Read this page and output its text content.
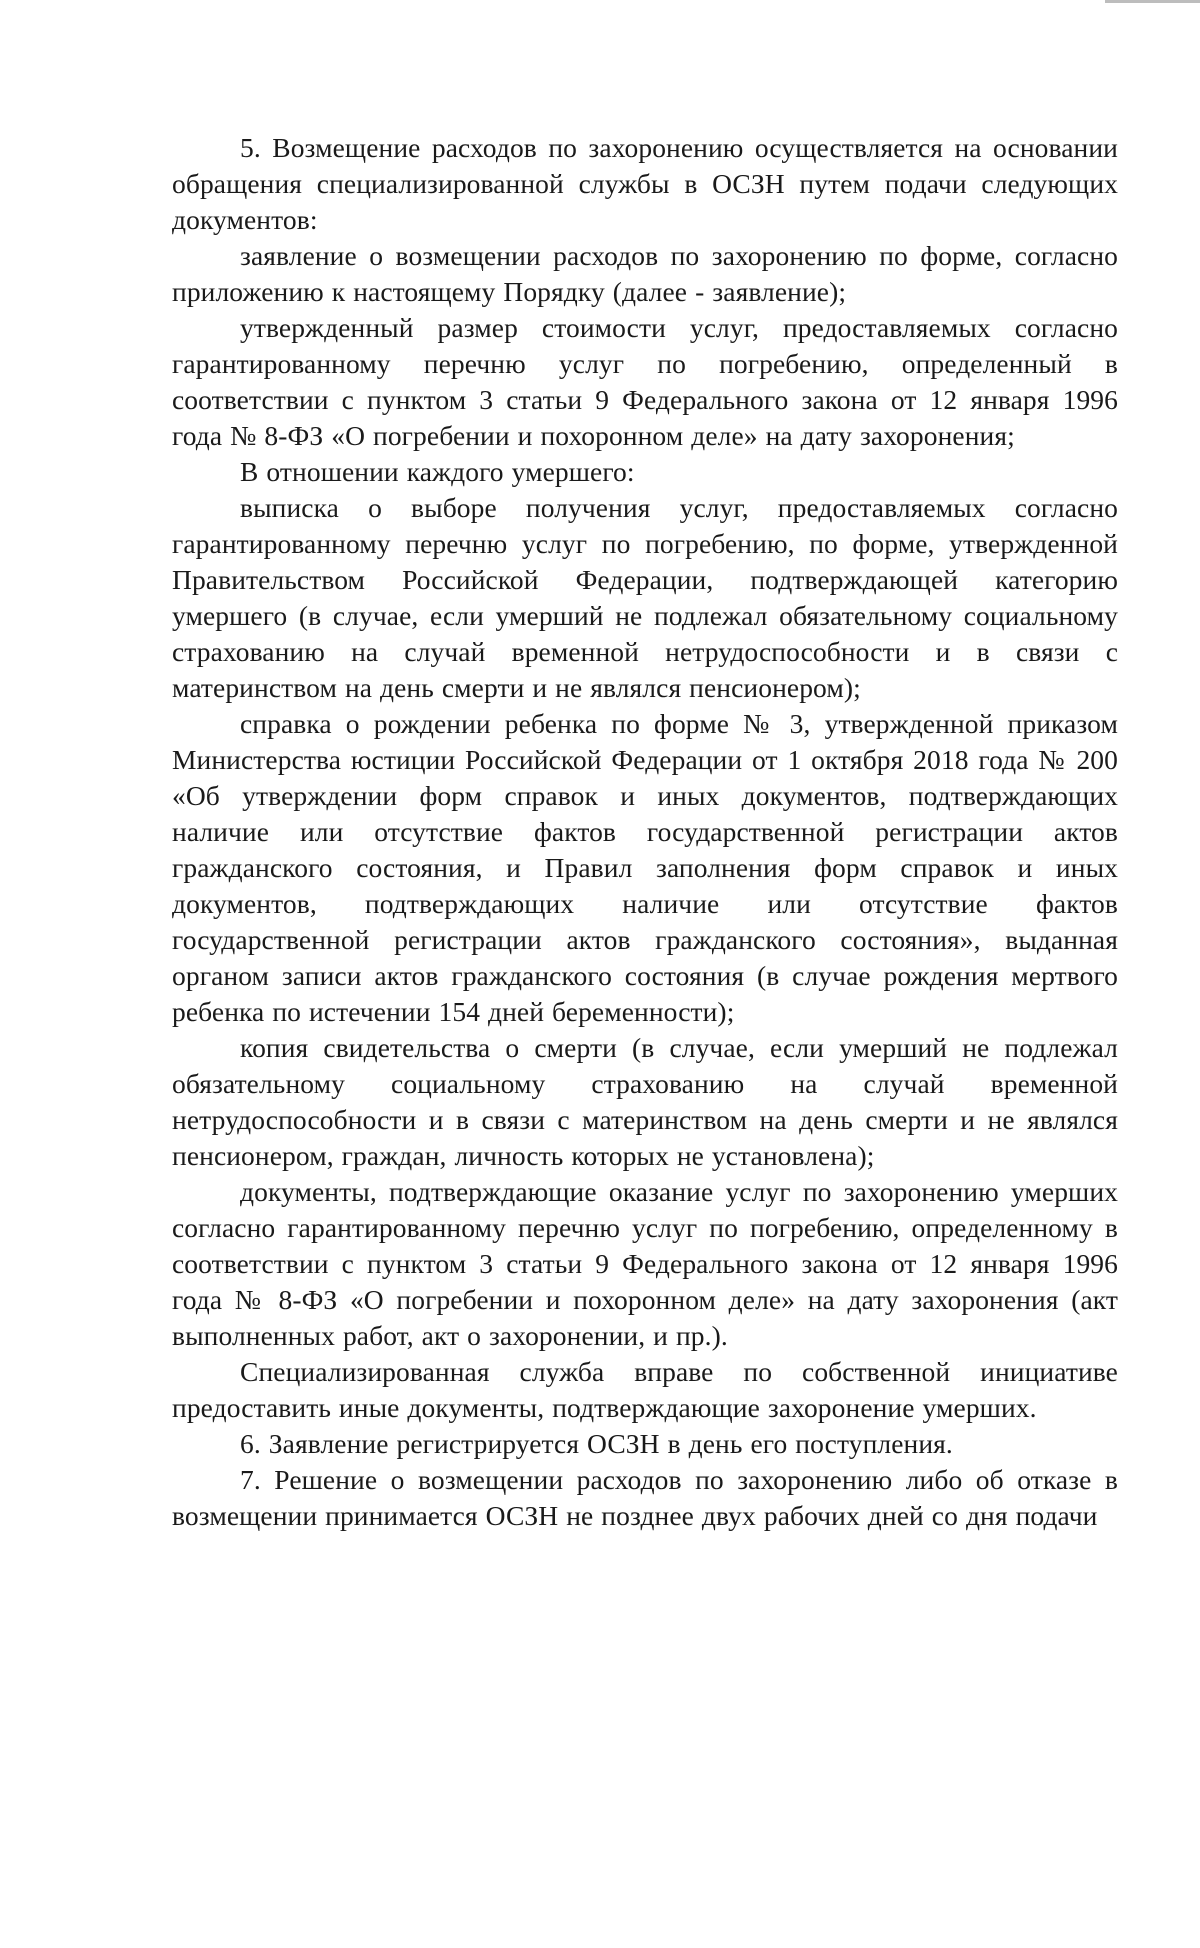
5. Возмещение расходов по захоронению осуществляется на основании обращения специализированной службы в ОСЗН путем подачи следующих документов:

заявление о возмещении расходов по захоронению по форме, согласно приложению к настоящему Порядку (далее - заявление);

утвержденный размер стоимости услуг, предоставляемых согласно гарантированному перечню услуг по погребению, определенный в соответствии с пунктом 3 статьи 9 Федерального закона от 12 января 1996 года № 8-ФЗ «О погребении и похоронном деле» на дату захоронения;

В отношении каждого умершего:

выписка о выборе получения услуг, предоставляемых согласно гарантированному перечню услуг по погребению, по форме, утвержденной Правительством Российской Федерации, подтверждающей категорию умершего (в случае, если умерший не подлежал обязательному социальному страхованию на случай временной нетрудоспособности и в связи с материнством на день смерти и не являлся пенсионером);

справка о рождении ребенка по форме № 3, утвержденной приказом Министерства юстиции Российской Федерации от 1 октября 2018 года № 200 «Об утверждении форм справок и иных документов, подтверждающих наличие или отсутствие фактов государственной регистрации актов гражданского состояния, и Правил заполнения форм справок и иных документов, подтверждающих наличие или отсутствие фактов государственной регистрации актов гражданского состояния», выданная органом записи актов гражданского состояния (в случае рождения мертвого ребенка по истечении 154 дней беременности);

копия свидетельства о смерти (в случае, если умерший не подлежал обязательному социальному страхованию на случай временной нетрудоспособности и в связи с материнством на день смерти и не являлся пенсионером, граждан, личность которых не установлена);

документы, подтверждающие оказание услуг по захоронению умерших согласно гарантированному перечню услуг по погребению, определенному в соответствии с пунктом 3 статьи 9 Федерального закона от 12 января 1996 года № 8-ФЗ «О погребении и похоронном деле» на дату захоронения (акт выполненных работ, акт о захоронении, и пр.).

Специализированная служба вправе по собственной инициативе предоставить иные документы, подтверждающие захоронение умерших.

6. Заявление регистрируется ОСЗН в день его поступления.

7. Решение о возмещении расходов по захоронению либо об отказе в возмещении принимается ОСЗН не позднее двух рабочих дней со дня подачи
